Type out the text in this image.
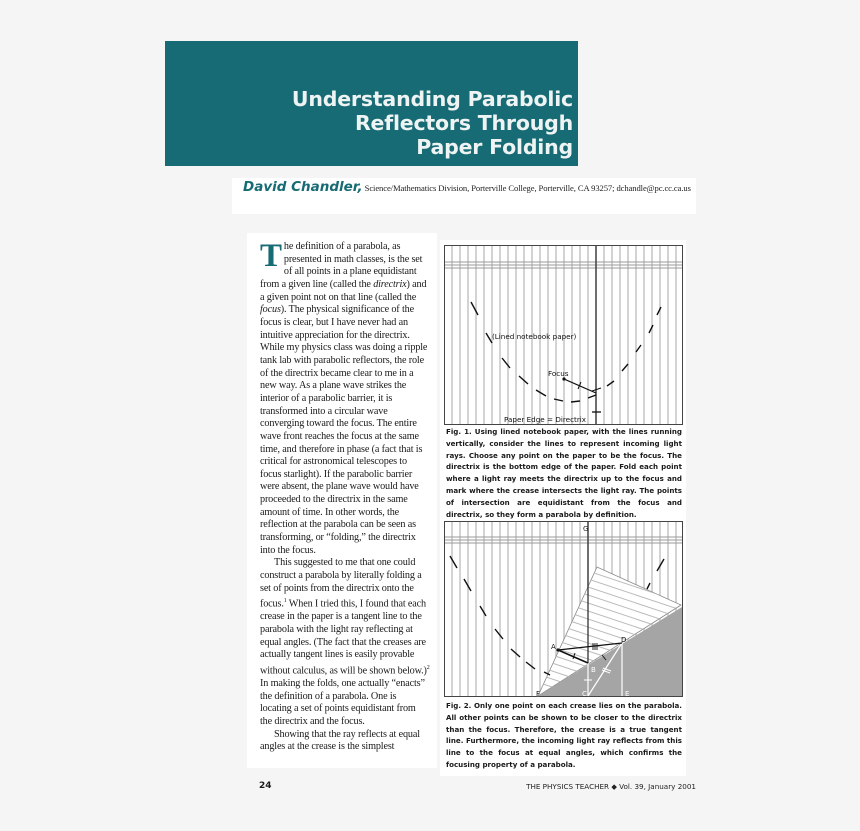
Understanding Parabolic
Reflectors Through
Paper Folding
David Chandler, Science/Mathematics Division, Porterville College, Porterville, CA 93257; dchandle@pc.cc.ca.us

The definition of a parabola, as presented in math classes, is the set of all points in a plane equidistant from a given line (called the directrix) and a given point not on that line (called the focus). The physical significance of the focus is clear, but I have never had an intuitive appreciation for the directrix. While my physics class was doing a ripple tank lab with parabolic reflectors, the role of the directrix became clear to me in a new way. As a plane wave strikes the interior of a parabolic barrier, it is transformed into a circular wave converging toward the focus. The entire wave front reaches the focus at the same time, and therefore in phase (a fact that is critical for astronomical telescopes to focus starlight). If the parabolic barrier were absent, the plane wave would have proceeded to the directrix in the same amount of time. In other words, the reflection at the parabola can be seen as transforming, or “folding,” the directrix into the focus.

This suggested to me that one could construct a parabola by literally folding a set of points from the directrix onto the focus.$^1$ When I tried this, I found that each crease in the paper is a tangent line to the parabola with the light ray reflecting at equal angles. (The fact that the creases are actually tangent lines is easily provable without calculus, as will be shown below.)$^2$ In making the folds, one actually “enacts” the definition of a parabola. One is locating a set of points equidistant from the directrix and the focus.

Showing that the ray reflects at equal angles at the crease is the simplest

(Lined notebook paper)
Focus
Paper Edge = Directrix
Fig. 1. Using lined notebook paper, with the lines running vertically, consider the lines to represent incoming light rays. Choose any point on the paper to be the focus. The directrix is the bottom edge of the paper. Fold each point where a light ray meets the directrix up to the focus and mark where the crease intersects the light ray. The points of intersection are equidistant from the focus and directrix, so they form a parabola by definition.
G
A
B
C
D
E
F
Fig. 2. Only one point on each crease lies on the parabola. All other points can be shown to be closer to the directrix than the focus. Therefore, the crease is a true tangent line. Furthermore, the incoming light ray reflects from this line to the focus at equal angles, which confirms the focusing property of a parabola.
24	THE PHYSICS TEACHER ◆ Vol. 39, January 2001
